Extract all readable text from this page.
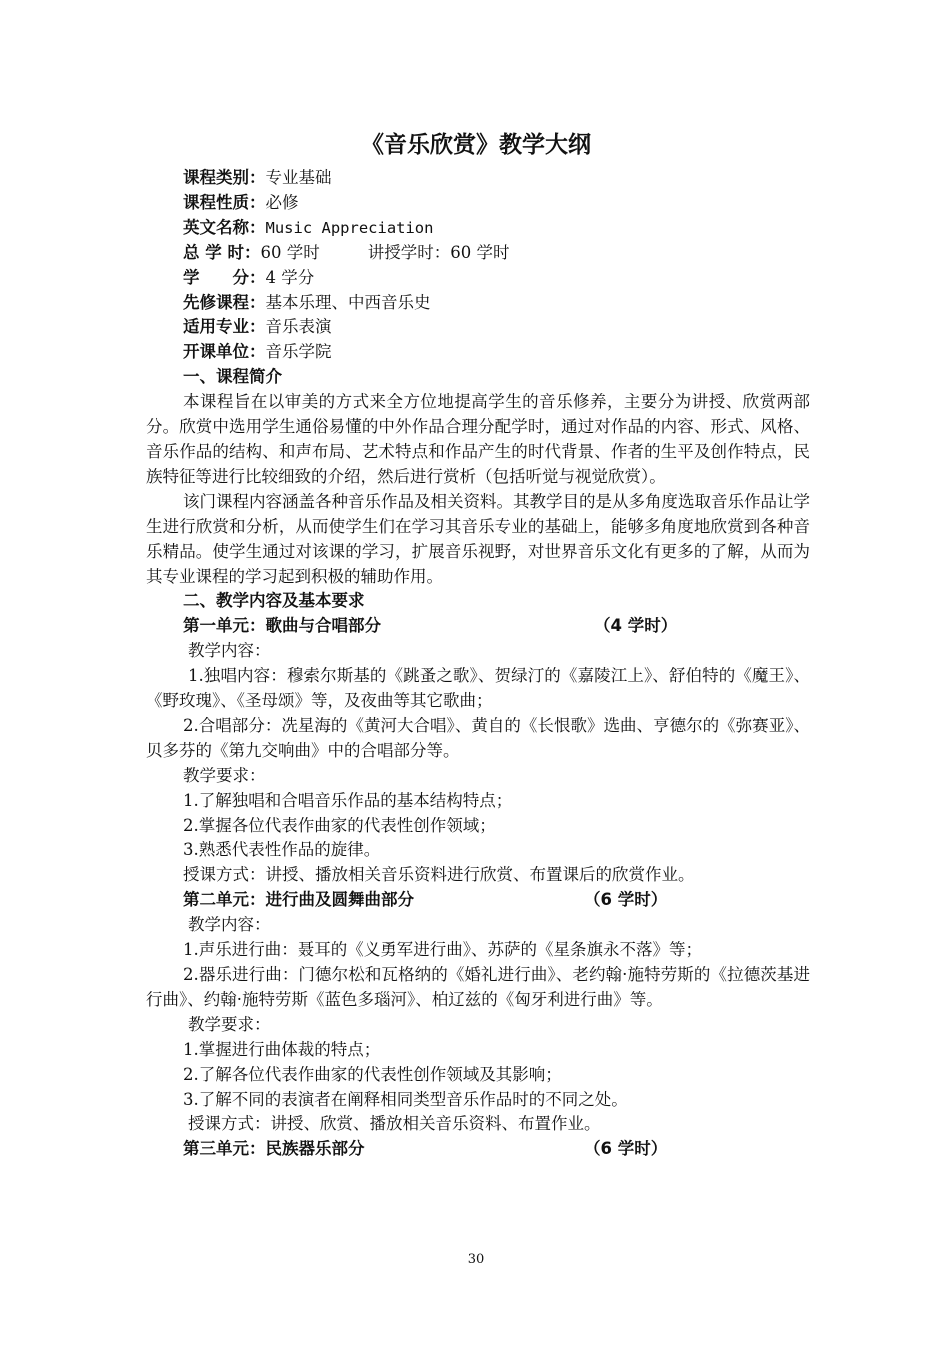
《音乐欣赏》教学大纲

课程类别：专业基础

课程性质：必修

英文名称：Music Appreciation

总 学 时：60 学时	讲授学时：60 学时

学　　分：4 学分

先修课程：基本乐理、中西音乐史

适用专业：音乐表演

开课单位：音乐学院

一、课程简介

本课程旨在以审美的方式来全方位地提高学生的音乐修养，主要分为讲授、欣赏两部分。欣赏中选用学生通俗易懂的中外作品合理分配学时，通过对作品的内容、形式、风格、音乐作品的结构、和声布局、艺术特点和作品产生的时代背景、作者的生平及创作特点，民族特征等进行比较细致的介绍，然后进行赏析（包括听觉与视觉欣赏）。

该门课程内容涵盖各种音乐作品及相关资料。其教学目的是从多角度选取音乐作品让学生进行欣赏和分析，从而使学生们在学习其音乐专业的基础上，能够多角度地欣赏到各种音乐精品。使学生通过对该课的学习，扩展音乐视野，对世界音乐文化有更多的了解，从而为其专业课程的学习起到积极的辅助作用。

二、教学内容及基本要求

第一单元：歌曲与合唱部分	（4 学时）

教学内容：

1.独唱内容：穆索尔斯基的《跳蚤之歌》、贺绿汀的《嘉陵江上》、舒伯特的《魔王》、《野玫瑰》、《圣母颂》等，及夜曲等其它歌曲；

2.合唱部分：冼星海的《黄河大合唱》、黄自的《长恨歌》选曲、亨德尔的《弥赛亚》、贝多芬的《第九交响曲》中的合唱部分等。

教学要求：

1.了解独唱和合唱音乐作品的基本结构特点；

2.掌握各位代表作曲家的代表性创作领域；

3.熟悉代表性作品的旋律。

授课方式：讲授、播放相关音乐资料进行欣赏、布置课后的欣赏作业。

第二单元：进行曲及圆舞曲部分	（6 学时）

教学内容：

1.声乐进行曲：聂耳的《义勇军进行曲》、苏萨的《星条旗永不落》等；

2.器乐进行曲：门德尔松和瓦格纳的《婚礼进行曲》、老约翰·施特劳斯的《拉德茨基进行曲》、约翰·施特劳斯《蓝色多瑙河》、柏辽兹的《匈牙利进行曲》等。

教学要求：

1.掌握进行曲体裁的特点；

2.了解各位代表作曲家的代表性创作领域及其影响；

3.了解不同的表演者在阐释相同类型音乐作品时的不同之处。

授课方式：讲授、欣赏、播放相关音乐资料、布置作业。

第三单元：民族器乐部分	（6 学时）

30
